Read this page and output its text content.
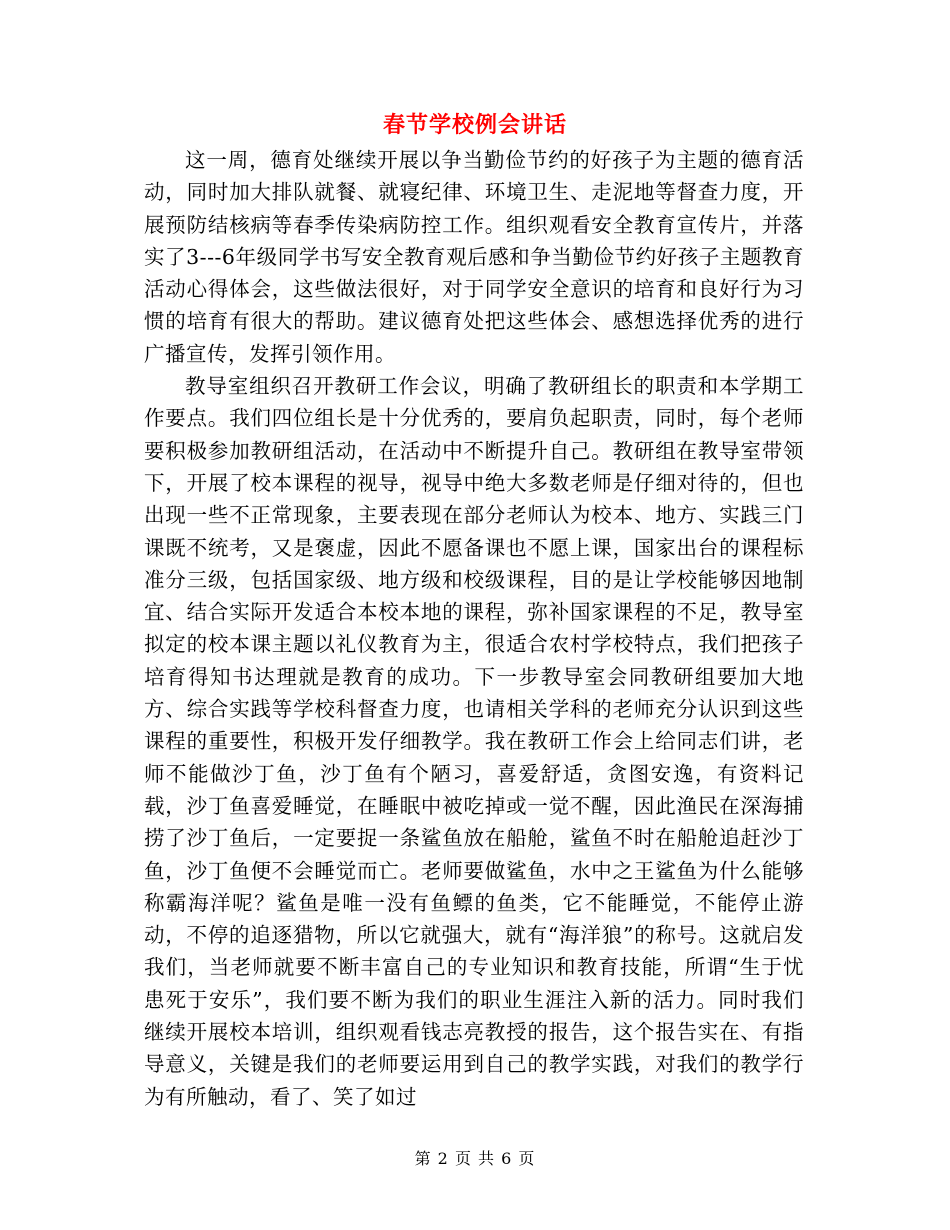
春节学校例会讲话

这一周，德育处继续开展以争当勤俭节约的好孩子为主题的德育活动，同时加大排队就餐、就寝纪律、环境卫生、走泥地等督查力度，开展预防结核病等春季传染病防控工作。组织观看安全教育宣传片，并落实了3---6年级同学书写安全教育观后感和争当勤俭节约好孩子主题教育活动心得体会，这些做法很好，对于同学安全意识的培育和良好行为习惯的培育有很大的帮助。建议德育处把这些体会、感想选择优秀的进行广播宣传，发挥引领作用。

教导室组织召开教研工作会议，明确了教研组长的职责和本学期工作要点。我们四位组长是十分优秀的，要肩负起职责，同时，每个老师要积极参加教研组活动，在活动中不断提升自己。教研组在教导室带领下，开展了校本课程的视导，视导中绝大多数老师是仔细对待的，但也出现一些不正常现象，主要表现在部分老师认为校本、地方、实践三门课既不统考，又是褒虚，因此不愿备课也不愿上课，国家出台的课程标准分三级，包括国家级、地方级和校级课程，目的是让学校能够因地制宜、结合实际开发适合本校本地的课程，弥补国家课程的不足，教导室拟定的校本课主题以礼仪教育为主，很适合农村学校特点，我们把孩子培育得知书达理就是教育的成功。下一步教导室会同教研组要加大地方、综合实践等学校科督查力度，也请相关学科的老师充分认识到这些课程的重要性，积极开发仔细教学。我在教研工作会上给同志们讲，老师不能做沙丁鱼，沙丁鱼有个陋习，喜爱舒适，贪图安逸，有资料记载，沙丁鱼喜爱睡觉，在睡眠中被吃掉或一觉不醒，因此渔民在深海捕捞了沙丁鱼后，一定要捉一条鲨鱼放在船舱，鲨鱼不时在船舱追赶沙丁鱼，沙丁鱼便不会睡觉而亡。老师要做鲨鱼，水中之王鲨鱼为什么能够称霸海洋呢？鲨鱼是唯一没有鱼鳔的鱼类，它不能睡觉，不能停止游动，不停的追逐猎物，所以它就强大，就有“海洋狼”的称号。这就启发我们，当老师就要不断丰富自己的专业知识和教育技能，所谓“生于忧患死于安乐”，我们要不断为我们的职业生涯注入新的活力。同时我们继续开展校本培训，组织观看钱志亮教授的报告，这个报告实在、有指导意义，关键是我们的老师要运用到自己的教学实践，对我们的教学行为有所触动，看了、笑了如过

第 2 页 共 6 页
